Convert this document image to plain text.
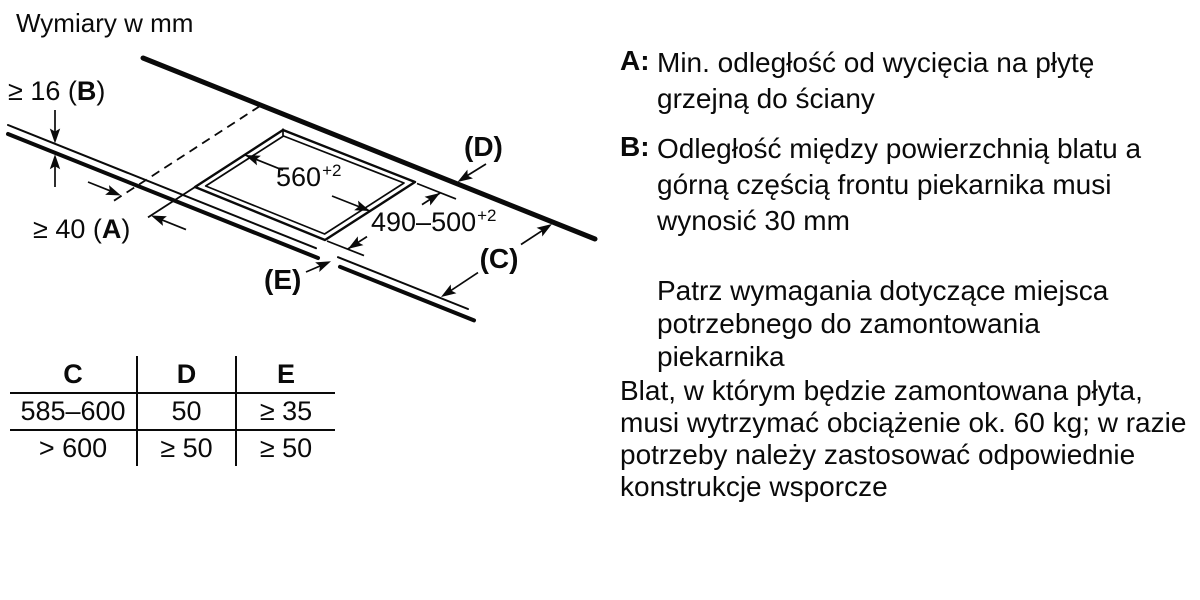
Wymiary w mm
$560^{+2}$
$490-500^{+2}$
(D)
(C)
(E)
≥ 16 (B)
≥ 40 (A)
C	D	E
585–600	50	≥ 35
> 600	≥ 50	≥ 50
A: Min. odległość od wycięcia na płytę
grzejną do ściany
B: Odległość między powierzchnią blatu a
górną częścią frontu piekarnika musi
wynosić 30 mm
Patrz wymagania dotyczące miejsca
potrzebnego do zamontowania
piekarnika
Blat, w którym będzie zamontowana płyta,
musi wytrzymać obciążenie ok. 60 kg; w razie
potrzeby należy zastosować odpowiednie
konstrukcje wsporcze
